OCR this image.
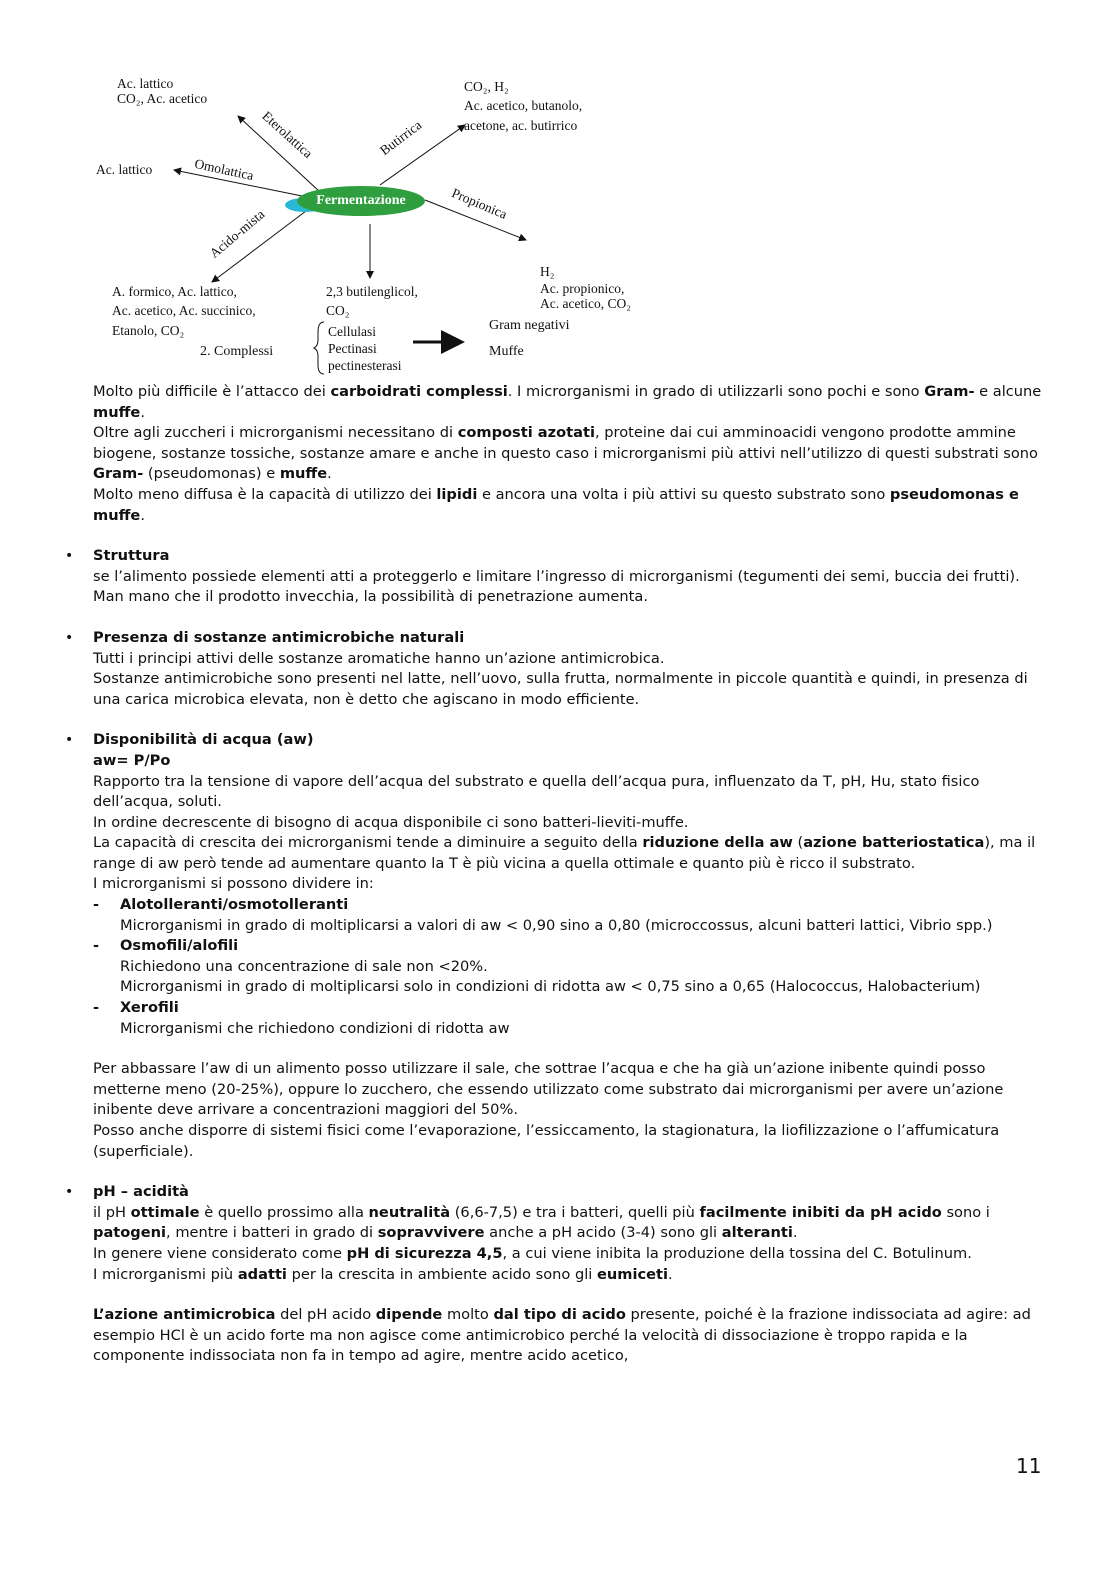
Ac. lattico
CO₂, Ac. acetico
CO₂, H₂
Ac. acetico, butanolo,
acetone, ac. butirrico
Ac. lattico
H₂
Ac. propionico,
Ac. acetico, CO₂
A. formico, Ac. lattico,
Ac. acetico, Ac. succinico,
Etanolo, CO₂
2,3 butilenglicol,
CO₂
2. Complessi
Cellulasi
Pectinasi
pectinesterasi
Gram negativi
Muffe
Eterolattica	Butirrica
Omolattica
Propionica
Acido-mista
Fermentazione

Molto più difficile è l’attacco dei carboidrati complessi. I microrganismi in grado di utilizzarli sono pochi e sono Gram- e alcune muffe.

Oltre agli zuccheri i microrganismi necessitano di composti azotati, proteine dai cui amminoacidi vengono prodotte ammine biogene, sostanze tossiche, sostanze amare e anche in questo caso i microrganismi più attivi nell’utilizzo di questi substrati sono Gram- (pseudomonas) e muffe.

Molto meno diffusa è la capacità di utilizzo dei lipidi e ancora una volta i più attivi su questo substrato sono pseudomonas e muffe.

• Struttura

se l’alimento possiede elementi atti a proteggerlo e limitare l’ingresso di microrganismi (tegumenti dei semi, buccia dei frutti).

Man mano che il prodotto invecchia, la possibilità di penetrazione aumenta.

• Presenza di sostanze antimicrobiche naturali

Tutti i principi attivi delle sostanze aromatiche hanno un’azione antimicrobica.

Sostanze antimicrobiche sono presenti nel latte, nell’uovo, sulla frutta, normalmente in piccole quantità e quindi, in presenza di una carica microbica elevata, non è detto che agiscano in modo efficiente.

• Disponibilità di acqua (aw)

aw= P/Po

Rapporto tra la tensione di vapore dell’acqua del substrato e quella dell’acqua pura, influenzato da T, pH, Hu, stato fisico dell’acqua, soluti.

In ordine decrescente di bisogno di acqua disponibile ci sono batteri-lieviti-muffe.

La capacità di crescita dei microrganismi tende a diminuire a seguito della riduzione della aw (azione batteriostatica), ma il range di aw però tende ad aumentare quanto la T è più vicina a quella ottimale e quanto più è ricco il substrato.

I microrganismi si possono dividere in:

- Alotolleranti/osmotolleranti

Microrganismi in grado di moltiplicarsi a valori di aw < 0,90 sino a 0,80 (microccossus, alcuni batteri lattici, Vibrio spp.)

- Osmofili/alofili

Richiedono una concentrazione di sale non <20%.

Microrganismi in grado di moltiplicarsi solo in condizioni di ridotta aw < 0,75 sino a 0,65 (Halococcus, Halobacterium)

- Xerofili

Microrganismi che richiedono condizioni di ridotta aw

Per abbassare l’aw di un alimento posso utilizzare il sale, che sottrae l’acqua e che ha già un’azione inibente quindi posso metterne meno (20-25%), oppure lo zucchero, che essendo utilizzato come substrato dai microrganismi per avere un’azione inibente deve arrivare a concentrazioni maggiori del 50%.

Posso anche disporre di sistemi fisici come l’evaporazione, l’essiccamento, la stagionatura, la liofilizzazione o l’affumicatura (superficiale).

• pH – acidità

il pH ottimale è quello prossimo alla neutralità (6,6-7,5) e tra i batteri, quelli più facilmente inibiti da pH acido sono i patogeni, mentre i batteri in grado di sopravvivere anche a pH acido (3-4) sono gli alteranti.

In genere viene considerato come pH di sicurezza 4,5, a cui viene inibita la produzione della tossina del C. Botulinum.

I microrganismi più adatti per la crescita in ambiente acido sono gli eumiceti.

L’azione antimicrobica del pH acido dipende molto dal tipo di acido presente, poiché è la frazione indissociata ad agire: ad esempio HCl è un acido forte ma non agisce come antimicrobico perché la velocità di dissociazione è troppo rapida e la componente indissociata non fa in tempo ad agire, mentre acido acetico,

11
